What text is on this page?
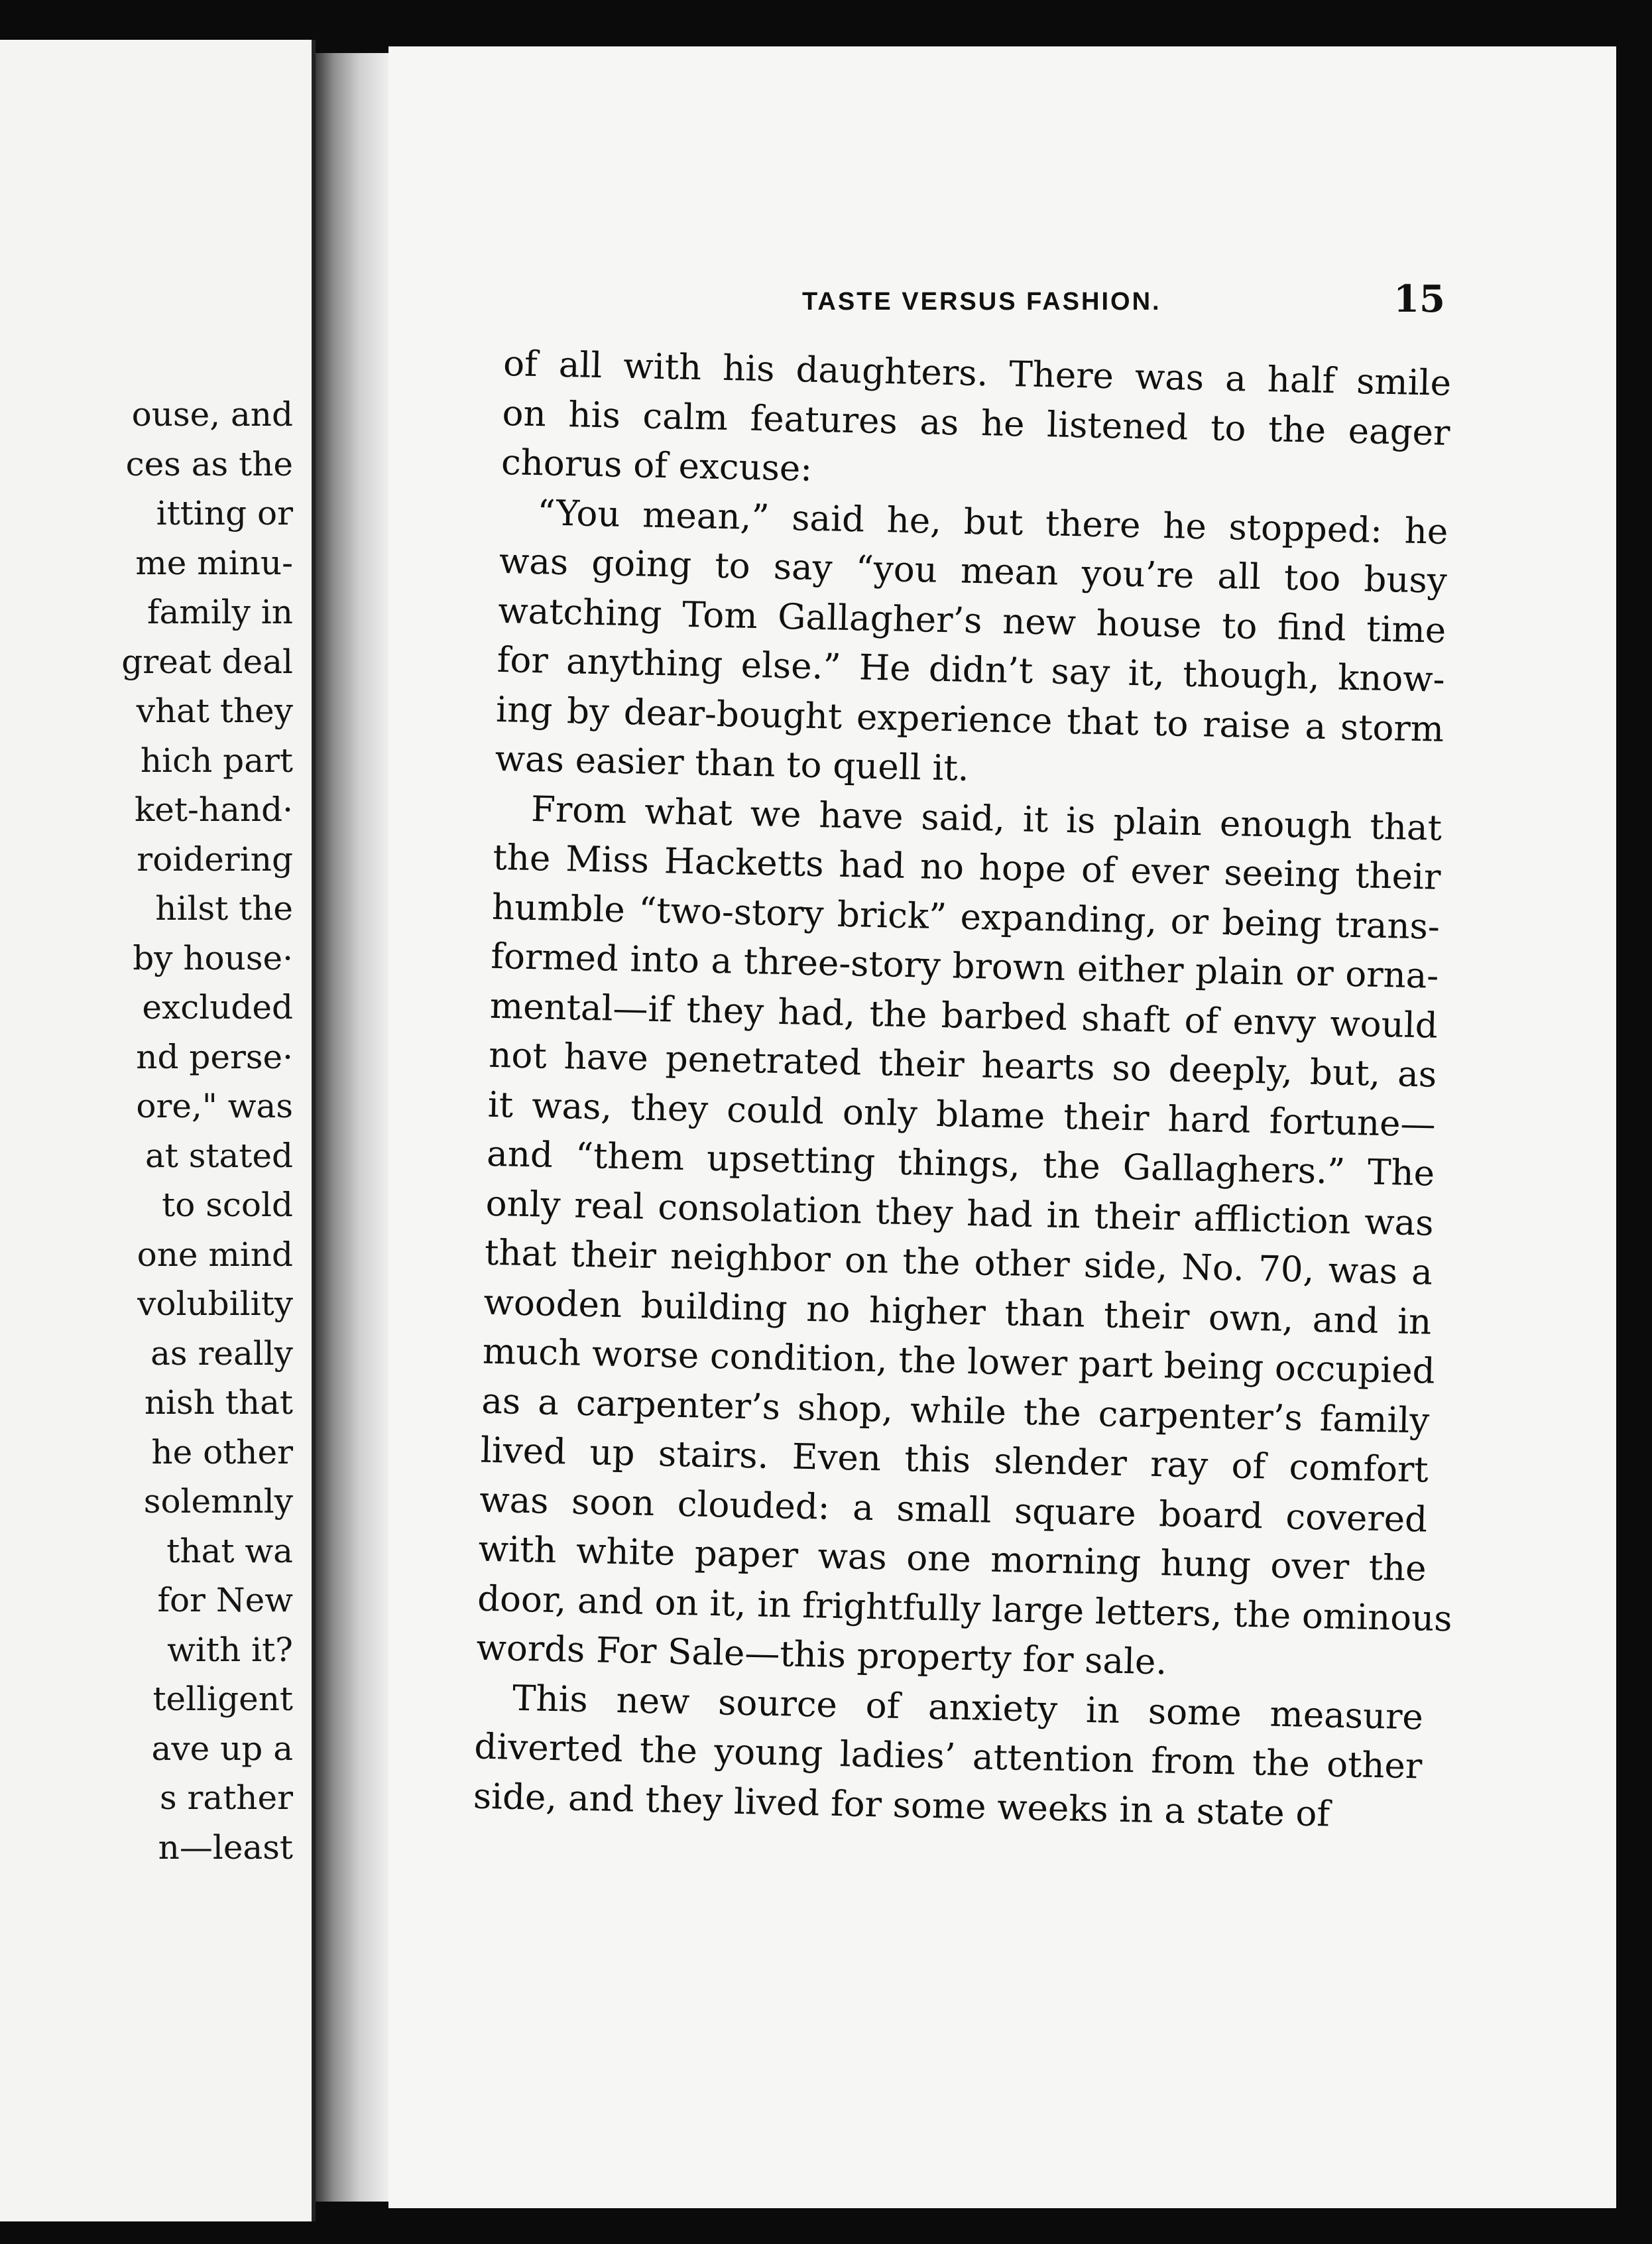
ouse, and
ces as the
itting or
me minu-
family in
great deal
vhat they
hich part
ket-hand·
roidering
hilst the
by house·
excluded
nd perse·
ore," was
at stated
to scold
one mind
volubility
as really
nish that
he other
solemnly
that wa
for New
with it?
telligent
ave up a
s rather
n—least
TASTE VERSUS FASHION.	15
of all with his daughters. There was a half smile
on his calm features as he listened to the eager
chorus of excuse:
“You mean,” said he, but there he stopped: he
was going to say “you mean you’re all too busy
watching Tom Gallagher’s new house to find time
for anything else.” He didn’t say it, though, know-
ing by dear-bought experience that to raise a storm
was easier than to quell it.
From what we have said, it is plain enough that
the Miss Hacketts had no hope of ever seeing their
humble “two-story brick” expanding, or being trans-
formed into a three-story brown either plain or orna-
mental—if they had, the barbed shaft of envy would
not have penetrated their hearts so deeply, but, as
it was, they could only blame their hard fortune—
and “them upsetting things, the Gallaghers.” The
only real consolation they had in their affliction was
that their neighbor on the other side, No. 70, was a
wooden building no higher than their own, and in
much worse condition, the lower part being occupied
as a carpenter’s shop, while the carpenter’s family
lived up stairs. Even this slender ray of comfort
was soon clouded: a small square board covered
with white paper was one morning hung over the
door, and on it, in frightfully large letters, the ominous
words For Sale—this property for sale.
This new source of anxiety in some measure
diverted the young ladies’ attention from the other
side, and they lived for some weeks in a state of
